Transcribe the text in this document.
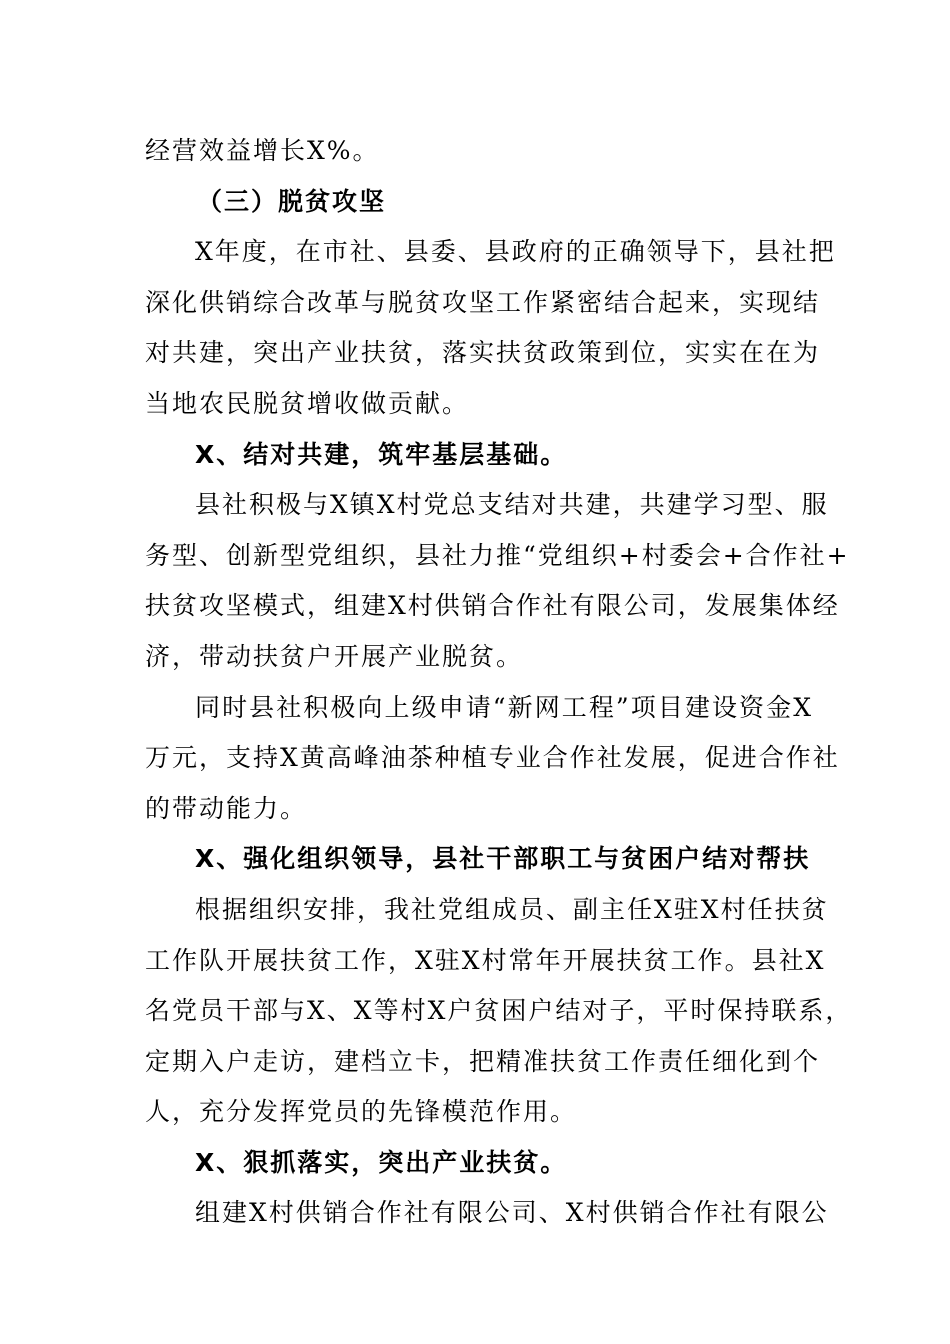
经营效益增长X%。
（三）脱贫攻坚
X年度，在市社、县委、县政府的正确领导下，县社把
深化供销综合改革与脱贫攻坚工作紧密结合起来，实现结
对共建，突出产业扶贫，落实扶贫政策到位，实实在在为
当地农民脱贫增收做贡献。
X、结对共建，筑牢基层基础。
县社积极与X镇X村党总支结对共建，共建学习型、服
务型、创新型党组织，县社力推“党组织+村委会+合作社+
扶贫攻坚模式，组建X村供销合作社有限公司，发展集体经
济，带动扶贫户开展产业脱贫。
同时县社积极向上级申请“新网工程”项目建设资金X
万元，支持X黄高峰油茶种植专业合作社发展，促进合作社
的带动能力。
X、强化组织领导，县社干部职工与贫困户结对帮扶
根据组织安排，我社党组成员、副主任X驻X村任扶贫
工作队开展扶贫工作，X驻X村常年开展扶贫工作。县社X
名党员干部与X、X等村X户贫困户结对子，平时保持联系，
定期入户走访，建档立卡，把精准扶贫工作责任细化到个
人，充分发挥党员的先锋模范作用。
X、狠抓落实，突出产业扶贫。
组建X村供销合作社有限公司、X村供销合作社有限公
